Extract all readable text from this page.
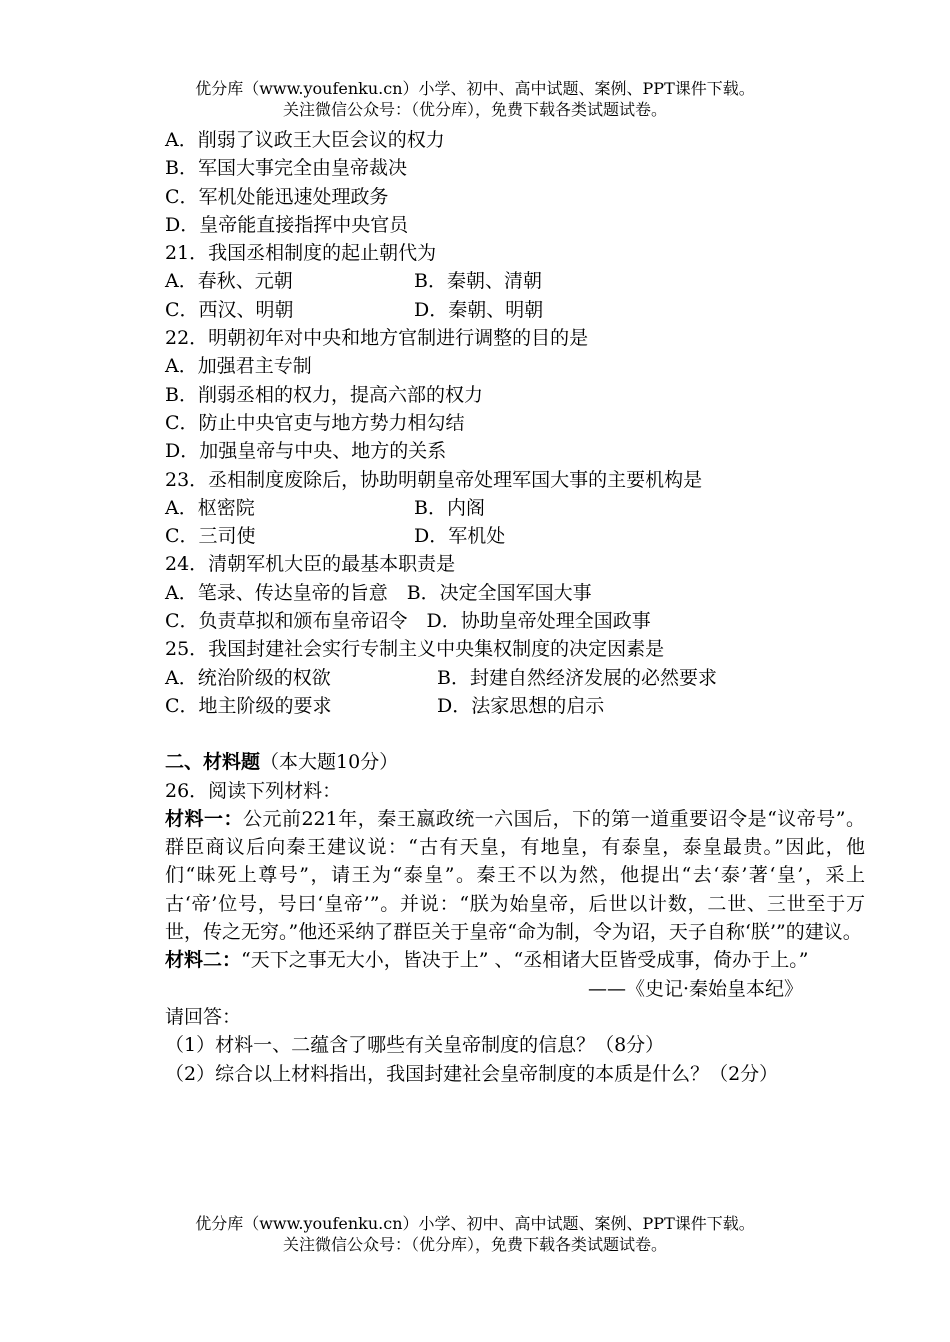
优分库（www.youfenku.cn）小学、初中、高中试题、案例、PPT课件下载。
关注微信公众号：（优分库），免费下载各类试题试卷。
A．削弱了议政王大臣会议的权力
B．军国大事完全由皇帝裁决
C．军机处能迅速处理政务
D．皇帝能直接指挥中央官员
21．我国丞相制度的起止朝代为
A．春秋、元朝	B．秦朝、清朝
C．西汉、明朝	D．秦朝、明朝
22．明朝初年对中央和地方官制进行调整的目的是
A．加强君主专制
B．削弱丞相的权力，提高六部的权力
C．防止中央官吏与地方势力相勾结
D．加强皇帝与中央、地方的关系
23．丞相制度废除后，协助明朝皇帝处理军国大事的主要机构是
A．枢密院	B．内阁
C．三司使	D．军机处
24．清朝军机大臣的最基本职责是
A．笔录、传达皇帝的旨意　B．决定全国军国大事
C．负责草拟和颁布皇帝诏令　D．协助皇帝处理全国政事
25．我国封建社会实行专制主义中央集权制度的决定因素是
A．统治阶级的权欲	B．封建自然经济发展的必然要求
C．地主阶级的要求	D．法家思想的启示
二、材料题（本大题10分）
26．阅读下列材料：
材料一：公元前221年，秦王嬴政统一六国后，下的第一道重要诏令是“议帝号”。群臣商议后向秦王建议说：“古有天皇，有地皇，有泰皇，泰皇最贵。”因此，他们“昧死上尊号”，请王为“泰皇”。秦王不以为然，他提出“去‘泰’著‘皇’，采上古‘帝’位号，号曰‘皇帝’”。并说：“朕为始皇帝，后世以计数，二世、三世至于万世，传之无穷。”他还采纳了群臣关于皇帝“命为制，令为诏，天子自称‘朕’”的建议。
材料二：“天下之事无大小，皆决于上” 、“丞相诸大臣皆受成事，倚办于上。”
——《史记·秦始皇本纪》
请回答：
（1）材料一、二蕴含了哪些有关皇帝制度的信息？（8分）
（2）综合以上材料指出，我国封建社会皇帝制度的本质是什么？（2分）
优分库（www.youfenku.cn）小学、初中、高中试题、案例、PPT课件下载。
关注微信公众号：（优分库），免费下载各类试题试卷。
